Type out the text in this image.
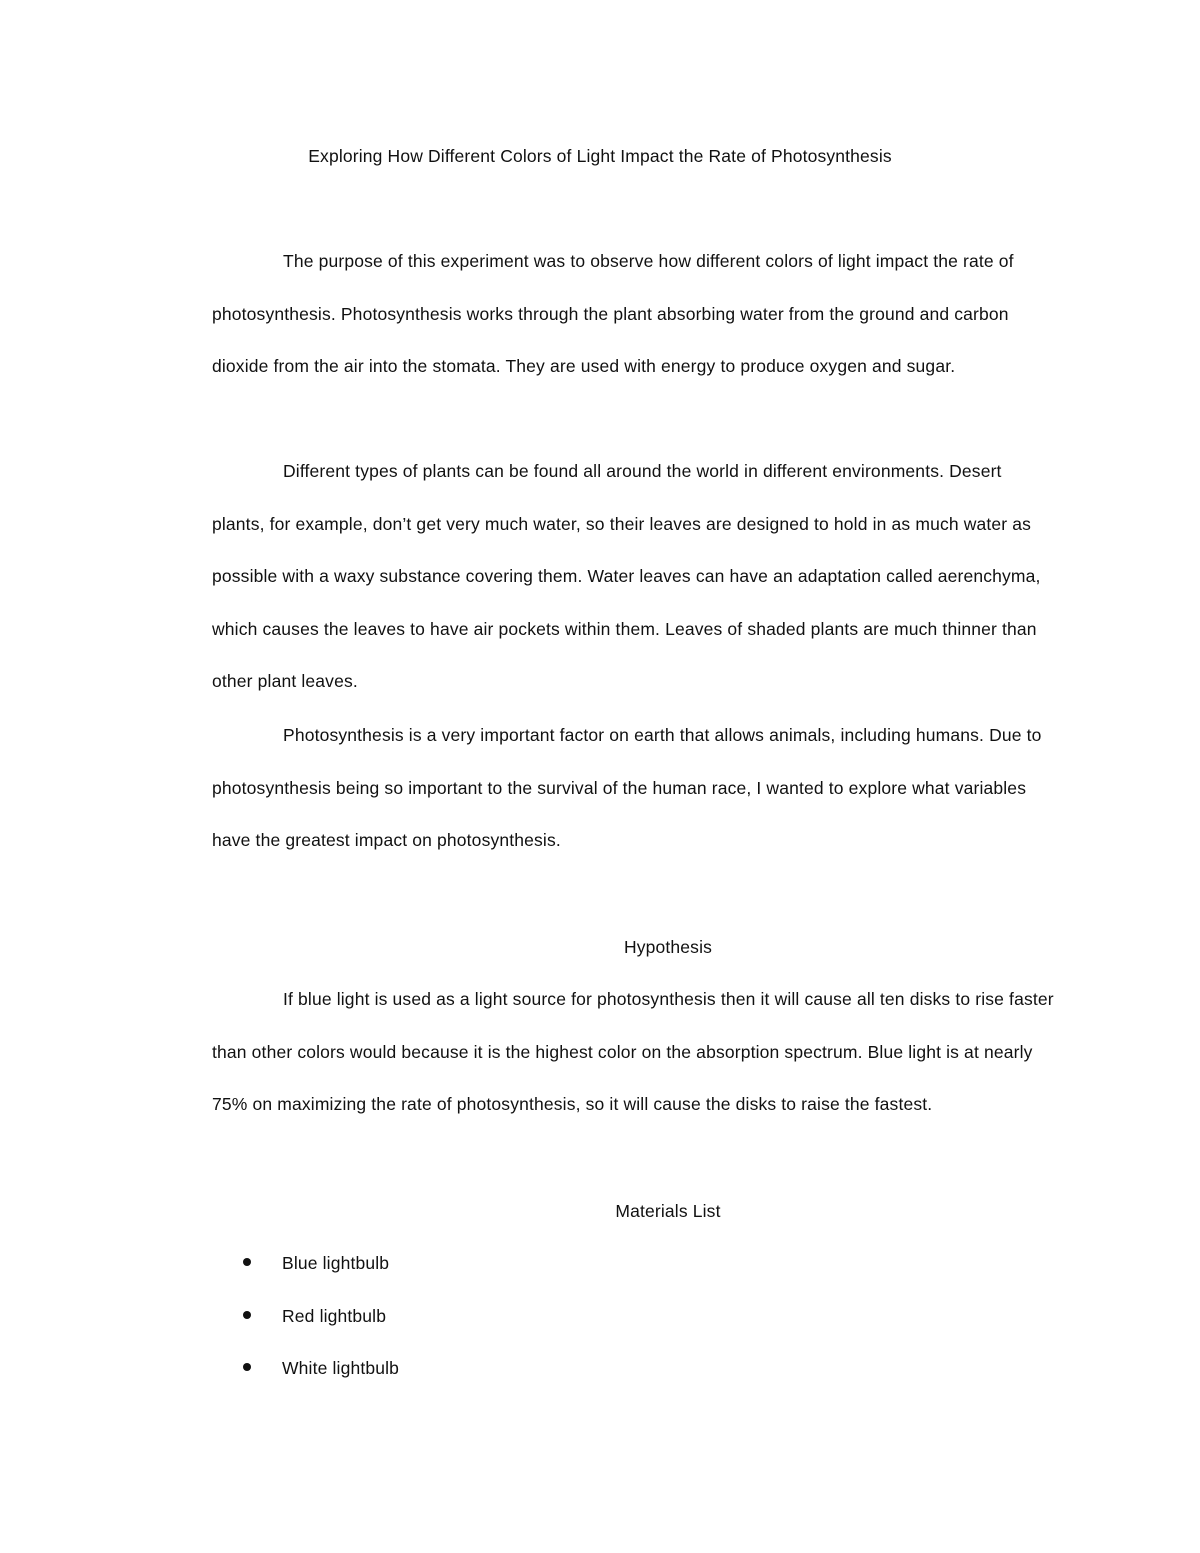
Exploring How Different Colors of Light Impact the Rate of Photosynthesis

The purpose of this experiment was to observe how different colors of light impact the rate of photosynthesis. Photosynthesis works through the plant absorbing water from the ground and carbon dioxide from the air into the stomata. They are used with energy to produce oxygen and sugar.

Different types of plants can be found all around the world in different environments. Desert plants, for example, don’t get very much water, so their leaves are designed to hold in as much water as possible with a waxy substance covering them. Water leaves can have an adaptation called aerenchyma, which causes the leaves to have air pockets within them. Leaves of shaded plants are much thinner than other plant leaves.

Photosynthesis is a very important factor on earth that allows animals, including humans. Due to photosynthesis being so important to the survival of the human race, I wanted to explore what variables have the greatest impact on photosynthesis.

Hypothesis

If blue light is used as a light source for photosynthesis then it will cause all ten disks to rise faster than other colors would because it is the highest color on the absorption spectrum. Blue light is at nearly 75% on maximizing the rate of photosynthesis, so it will cause the disks to raise the fastest.

Materials List
Blue lightbulb
Red lightbulb
White lightbulb
